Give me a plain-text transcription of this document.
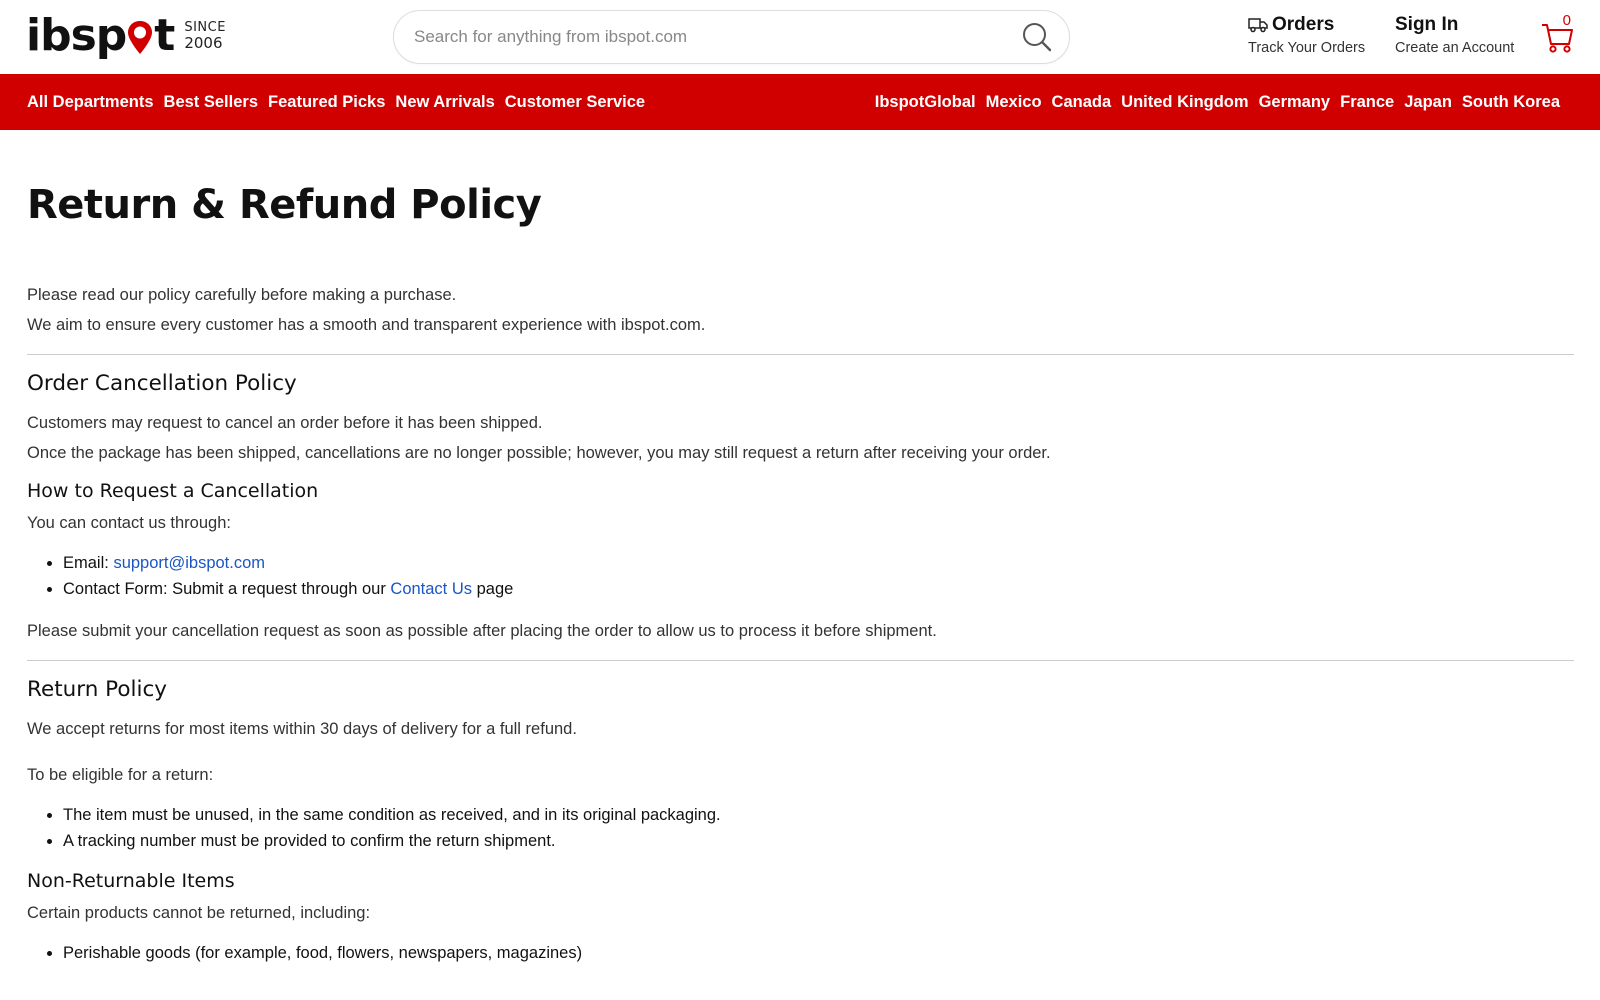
ibsp t SINCE
2006
Search for anything from ibspot.com
Orders
Track Your Orders
Sign In
Create an Account
0
All Departments Best Sellers Featured Picks New Arrivals Customer Service	IbspotGlobal Mexico Canada United Kingdom Germany France Japan South Korea
Return & Refund Policy

Please read our policy carefully before making a purchase.

We aim to ensure every customer has a smooth and transparent experience with ibspot.com.

Order Cancellation Policy

Customers may request to cancel an order before it has been shipped.

Once the package has been shipped, cancellations are no longer possible; however, you may still request a return after receiving your order.

How to Request a Cancellation

You can contact us through:

• Email: support@ibspot.com
• Contact Form: Submit a request through our Contact Us page

Please submit your cancellation request as soon as possible after placing the order to allow us to process it before shipment.

Return Policy

We accept returns for most items within 30 days of delivery for a full refund.

To be eligible for a return:

• The item must be unused, in the same condition as received, and in its original packaging.
• A tracking number must be provided to confirm the return shipment.
Non-Returnable Items

Certain products cannot be returned, including:

• Perishable goods (for example, food, flowers, newspapers, magazines)
